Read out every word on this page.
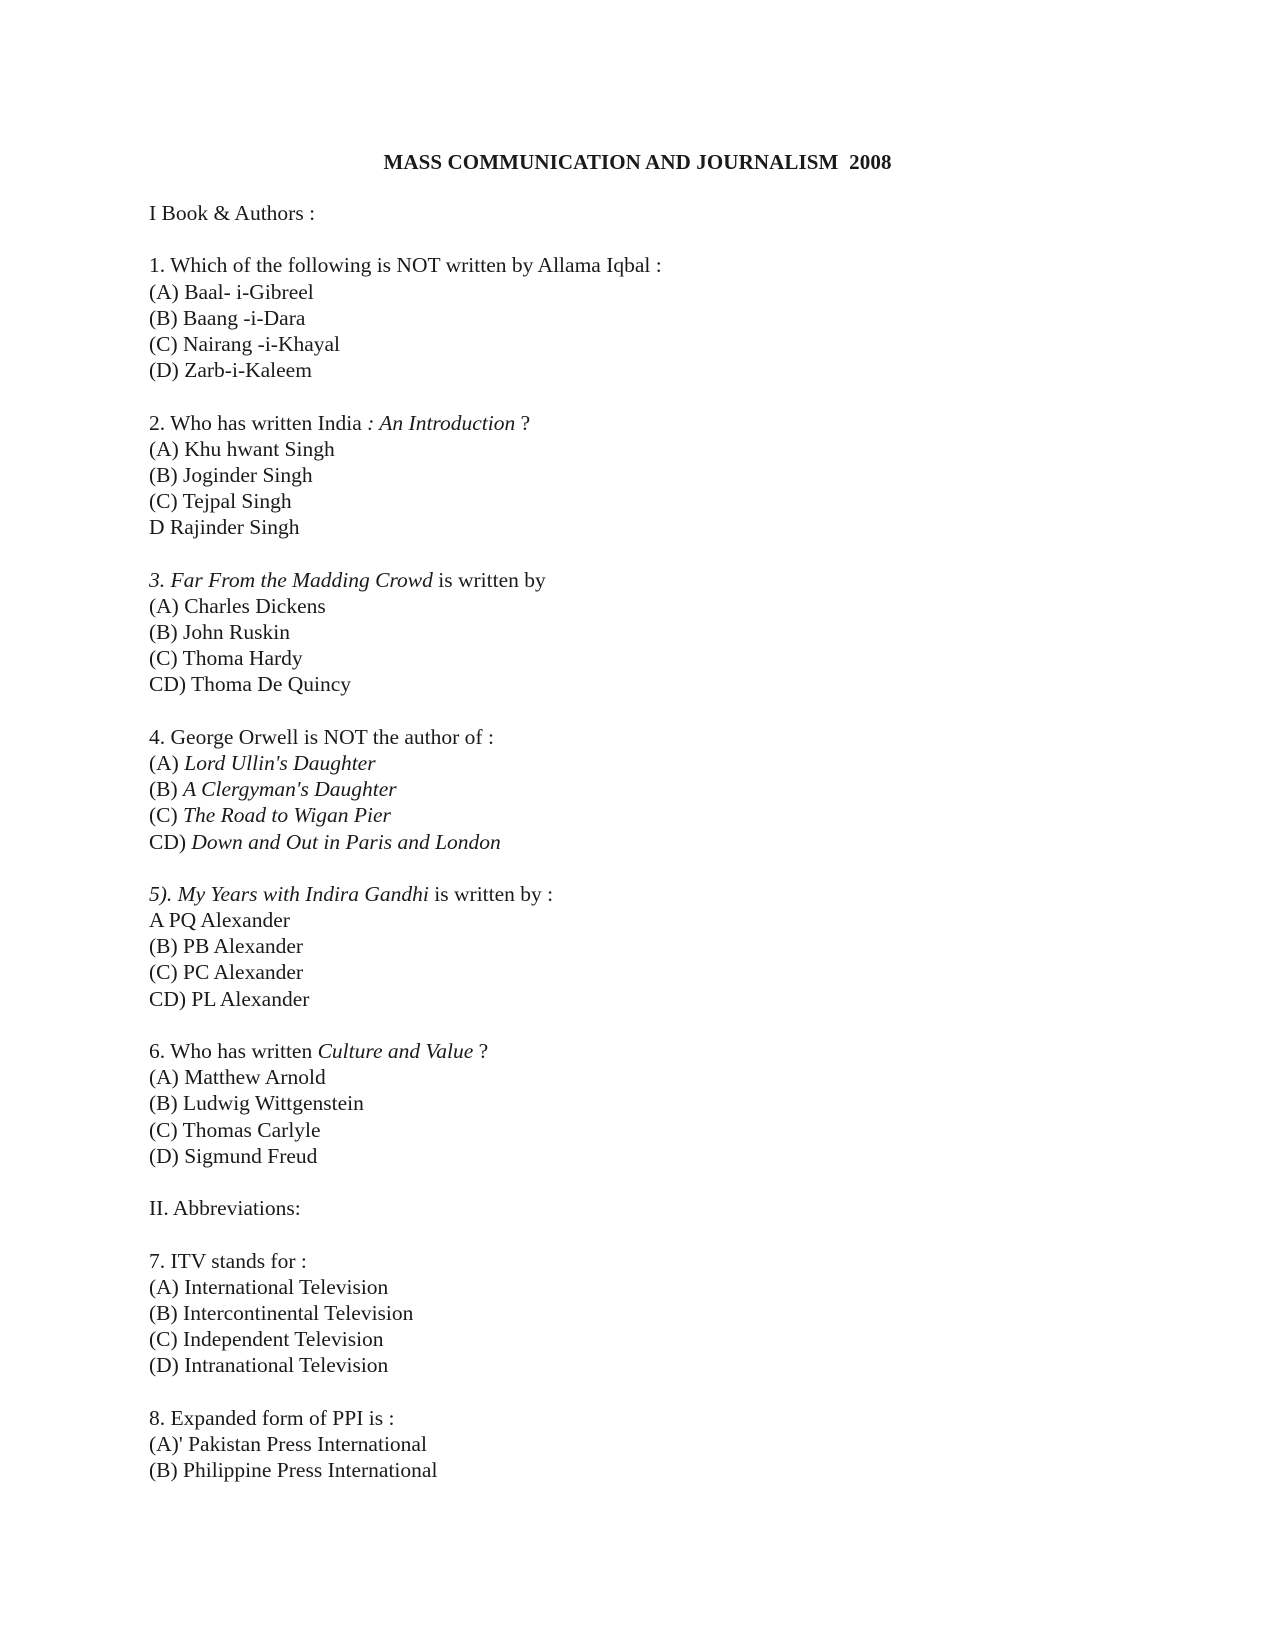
MASS COMMUNICATION AND JOURNALISM  2008
I Book & Authors :
1. Which of the following is NOT written by Allama Iqbal :
(A) Baal- i-Gibreel
(B) Baang -i-Dara
(C) Nairang -i-Khayal
(D) Zarb-i-Kaleem
2. Who has written India : An Introduction ?
(A) Khu hwant Singh
(B) Joginder Singh
(C) Tejpal Singh
D Rajinder Singh
3. Far From the Madding Crowd is written by
(A) Charles Dickens
(B) John Ruskin
(C) Thoma Hardy
CD) Thoma De Quincy
4. George Orwell is NOT the author of :
(A) Lord Ullin's Daughter
(B) A Clergyman's Daughter
(C) The Road to Wigan Pier
CD) Down and Out in Paris and London
5). My Years with Indira Gandhi is written by :
A PQ Alexander
(B) PB Alexander
(C) PC Alexander
CD) PL Alexander
6. Who has written Culture and Value ?
(A) Matthew Arnold
(B) Ludwig Wittgenstein
(C) Thomas Carlyle
(D) Sigmund Freud
II. Abbreviations:
7. ITV stands for :
(A) International Television
(B) Intercontinental Television
(C) Independent Television
(D) Intranational Television
8. Expanded form of PPI is :
(A)' Pakistan Press International
(B) Philippine Press International
